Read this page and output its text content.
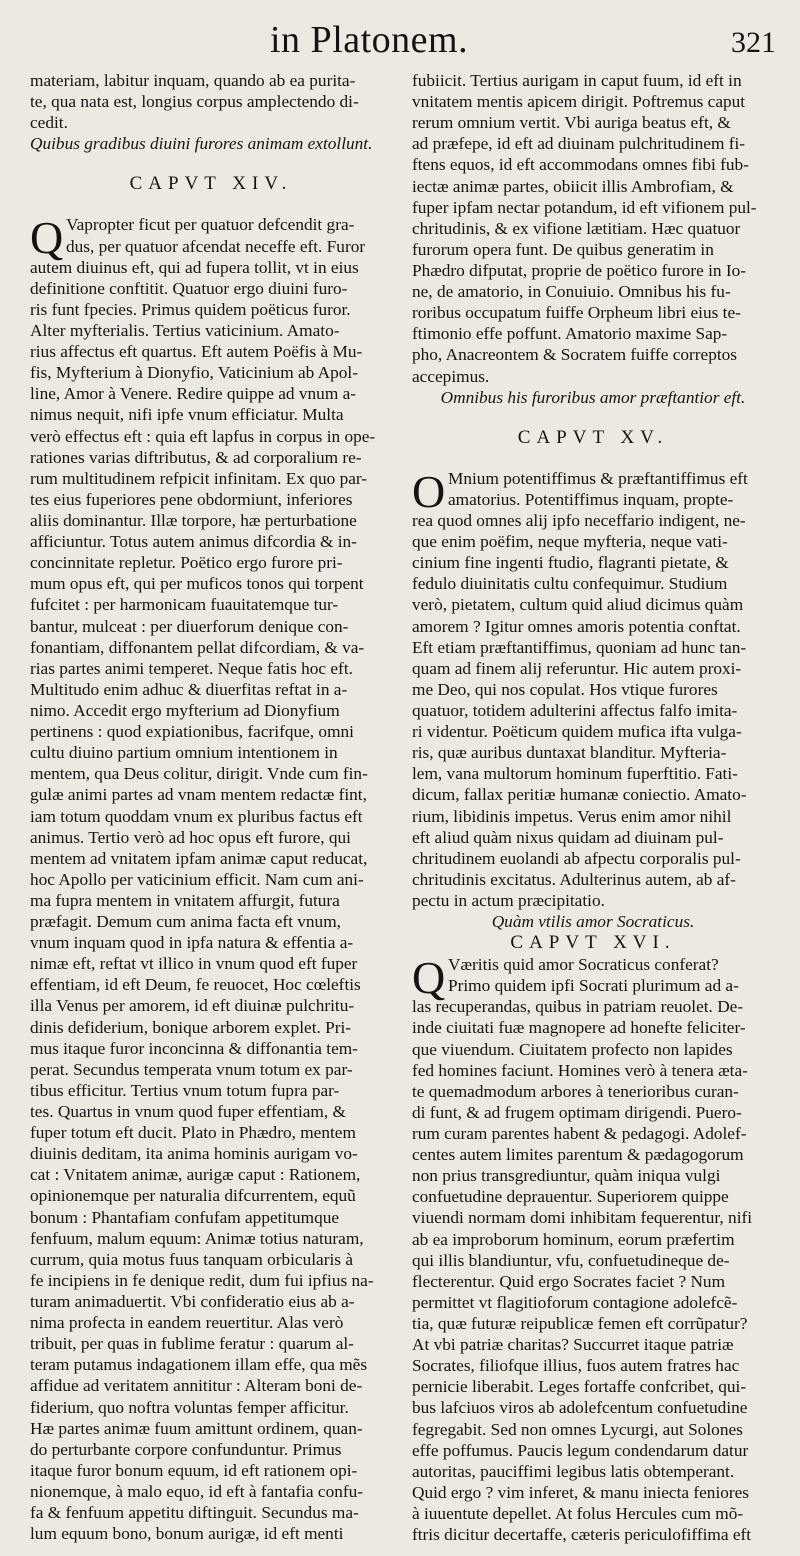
in Platonem.	321
materiam, labitur inquam, quando ab ea purita-
te, qua nata est, longius corpus amplectendo di-
cedit.
Quibus gradibus diuini furores animam extollunt.
CAPVT XIV.
Q Vapropter ficut per quatuor defcendit gra-
dus, per quatuor afcendat neceffe eft. Furor
autem diuinus eft, qui ad fupera tollit, vt in eius
definitione conftitit. Quatuor ergo diuini furo-
ris funt fpecies. Primus quidem poëticus furor.
Alter myfterialis. Tertius vaticinium. Amato-
rius affectus eft quartus. Eft autem Poëfis à Mu-
fis, Myfterium à Dionyfio, Vaticinium ab Apol-
line, Amor à Venere. Redire quippe ad vnum a-
nimus nequit, nifi ipfe vnum efficiatur. Multa
verò effectus eft : quia eft lapfus in corpus in ope-
rationes varias diftributus, & ad corporalium re-
rum multitudinem refpicit infinitam. Ex quo par-
tes eius fuperiores pene obdormiunt, inferiores
aliis dominantur. Illæ torpore, hæ perturbatione
afficiuntur. Totus autem animus difcordia & in-
concinnitate repletur. Poëtico ergo furore pri-
mum opus eft, qui per muficos tonos qui torpent
fufcitet : per harmonicam fuauitatemque tur-
bantur, mulceat : per diuerforum denique con-
fonantiam, diffonantem pellat difcordiam, & va-
rias partes animi temperet. Neque fatis hoc eft.
Multitudo enim adhuc & diuerfitas reftat in a-
nimo. Accedit ergo myfterium ad Dionyfium
pertinens : quod expiationibus, facrifque, omni
cultu diuino partium omnium intentionem in
mentem, qua Deus colitur, dirigit. Vnde cum fin-
gulæ animi partes ad vnam mentem redactæ fint,
iam totum quoddam vnum ex pluribus factus eft
animus. Tertio verò ad hoc opus eft furore, qui
mentem ad vnitatem ipfam animæ caput reducat,
hoc Apollo per vaticinium efficit. Nam cum ani-
ma fupra mentem in vnitatem affurgit, futura
præfagit. Demum cum anima facta eft vnum,
vnum inquam quod in ipfa natura & effentia a-
nimæ eft, reftat vt illico in vnum quod eft fuper
effentiam, id eft Deum, fe reuocet, Hoc cœleftis
illa Venus per amorem, id eft diuinæ pulchritu-
dinis defiderium, bonique arborem explet. Pri-
mus itaque furor inconcinna & diffonantia tem-
perat. Secundus temperata vnum totum ex par-
tibus efficitur. Tertius vnum totum fupra par-
tes. Quartus in vnum quod fuper effentiam, &
fuper totum eft ducit. Plato in Phædro, mentem
diuinis deditam, ita anima hominis aurigam vo-
cat : Vnitatem animæ, aurigæ caput : Rationem,
opinionemque per naturalia difcurrentem, equũ
bonum : Phantafiam confufam appetitumque
fenfuum, malum equum: Animæ totius naturam,
currum, quia motus fuus tanquam orbicularis à
fe incipiens in fe denique redit, dum fui ipfius na-
turam animaduertit. Vbi confideratio eius ab a-
nima profecta in eandem reuertitur. Alas verò
tribuit, per quas in fublime feratur : quarum al-
teram putamus indagationem illam effe, qua mẽs
affidue ad veritatem annititur : Alteram boni de-
fiderium, quo noftra voluntas femper afficitur.
Hæ partes animæ fuum amittunt ordinem, quan-
do perturbante corpore confunduntur. Primus
itaque furor bonum equum, id eft rationem opi-
nionemque, à malo equo, id eft à fantafia confu-
fa & fenfuum appetitu diftinguit. Secundus ma-
lum equum bono, bonum aurigæ, id eft menti
fubiicit. Tertius aurigam in caput fuum, id eft in
vnitatem mentis apicem dirigit. Poftremus caput
rerum omnium vertit. Vbi auriga beatus eft, &
ad præfepe, id eft ad diuinam pulchritudinem fi-
ftens equos, id eft accommodans omnes fibi fub-
iectæ animæ partes, obiicit illis Ambrofiam, &
fuper ipfam nectar potandum, id eft vifionem pul-
chritudinis, & ex vifione lætitiam. Hæc quatuor
furorum opera funt. De quibus generatim in
Phædro difputat, proprie de poëtico furore in Io-
ne, de amatorio, in Conuiuio. Omnibus his fu-
roribus occupatum fuiffe Orpheum libri eius te-
ftimonio effe poffunt. Amatorio maxime Sap-
pho, Anacreontem & Socratem fuiffe correptos
accepimus.
Omnibus his furoribus amor præftantior eft.
CAPVT XV.
O Mnium potentiffimus & præftantiffimus eft
amatorius. Potentiffimus inquam, propte-
rea quod omnes alij ipfo neceffario indigent, ne-
que enim poëfim, neque myfteria, neque vati-
cinium fine ingenti ftudio, flagranti pietate, &
fedulo diuinitatis cultu confequimur. Studium
verò, pietatem, cultum quid aliud dicimus quàm
amorem ? Igitur omnes amoris potentia conftat.
Eft etiam præftantiffimus, quoniam ad hunc tan-
quam ad finem alij referuntur. Hic autem proxi-
me Deo, qui nos copulat. Hos vtique furores
quatuor, totidem adulterini affectus falfo imita-
ri videntur. Poëticum quidem mufica ifta vulga-
ris, quæ auribus duntaxat blanditur. Myfteria-
lem, vana multorum hominum fuperftitio. Fati-
dicum, fallax peritiæ humanæ coniectio. Amato-
rium, libidinis impetus. Verus enim amor nihil
eft aliud quàm nixus quidam ad diuinam pul-
chritudinem euolandi ab afpectu corporalis pul-
chritudinis excitatus. Adulterinus autem, ab af-
pectu in actum præcipitatio.
Quàm vtilis amor Socraticus.
CAPVT XVI.
Q Væritis quid amor Socraticus conferat?
Primo quidem ipfi Socrati plurimum ad a-
las recuperandas, quibus in patriam reuolet. De-
inde ciuitati fuæ magnopere ad honefte feliciter-
que viuendum. Ciuitatem profecto non lapides
fed homines faciunt. Homines verò à tenera æta-
te quemadmodum arbores à tenerioribus curan-
di funt, & ad frugem optimam dirigendi. Puero-
rum curam parentes habent & pedagogi. Adolef-
centes autem limites parentum & pædagogorum
non prius transgrediuntur, quàm iniqua vulgi
confuetudine deprauentur. Superiorem quippe
viuendi normam domi inhibitam fequerentur, nifi
ab ea improborum hominum, eorum præfertim
qui illis blandiuntur, vfu, confuetudineque de-
flecterentur. Quid ergo Socrates faciet ? Num
permittet vt flagitioforum contagione adolefcẽ-
tia, quæ futuræ reipublicæ femen eft corrũpatur?
At vbi patriæ charitas? Succurret itaque patriæ
Socrates, filiofque illius, fuos autem fratres hac
pernicie liberabit. Leges fortaffe confcribet, qui-
bus lafciuos viros ab adolefcentum confuetudine
fegregabit. Sed non omnes Lycurgi, aut Solones
effe poffumus. Paucis legum condendarum datur
autoritas, pauciffimi legibus latis obtemperant.
Quid ergo ? vim inferet, & manu iniecta feniores
à iuuentute depellet. At folus Hercules cum mõ-
ftris dicitur decertaffe, cæteris periculofiffima eft
